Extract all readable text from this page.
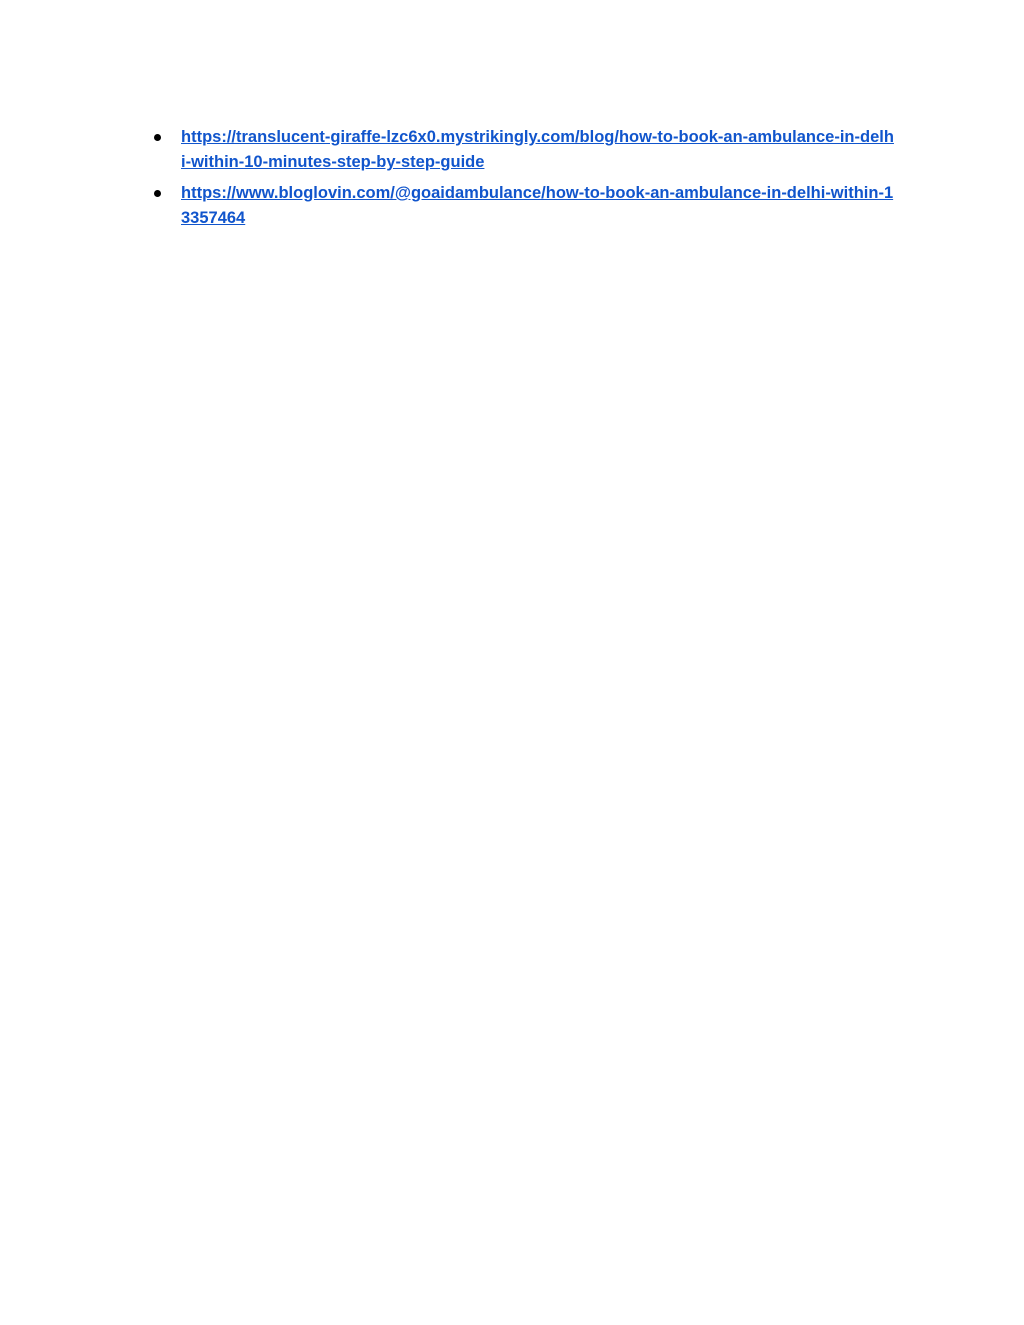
https://translucent-giraffe-lzc6x0.mystrikingly.com/blog/how-to-book-an-ambulance-in-delh
i-within-10-minutes-step-by-step-guide
https://www.bloglovin.com/@goaidambulance/how-to-book-an-ambulance-in-delhi-within-1
3357464
